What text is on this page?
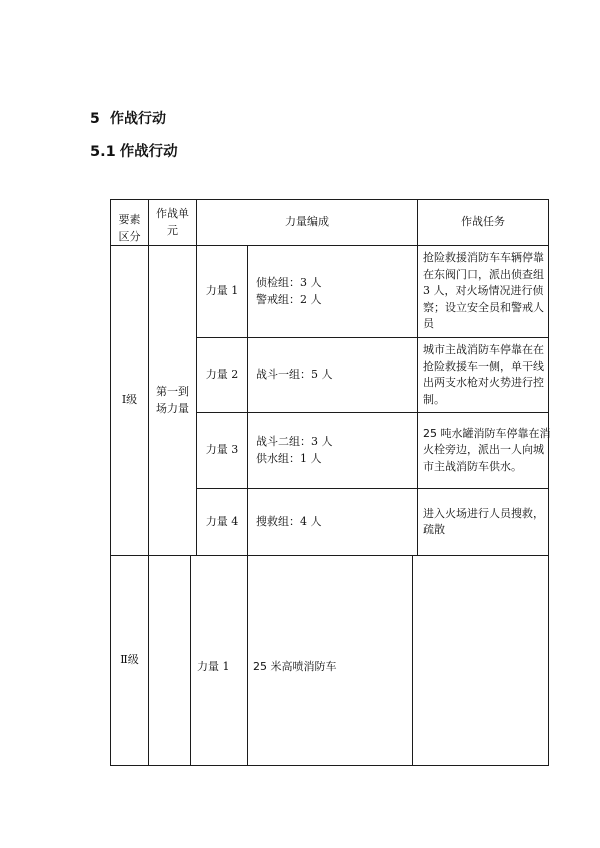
5 作战行动
5.1 作战行动
要素
区分
作战单
元
力量编成	作战任务
Ⅰ级
第一到
场力量
力量 1
侦检组：3 人
警戒组：2 人
抢险救援消防车车辆停靠
在东阀门口，派出侦查组
3 人，对火场情况进行侦
察；设立安全员和警戒人
员
力量 2 战斗一组：5 人
城市主战消防车停靠在在
抢险救援车一侧，单干线
出两支水枪对火势进行控
制。
力量 3
战斗二组：3 人
供水组：1 人
25 吨水罐消防车停靠在消
火栓旁边，派出一人向城
市主战消防车供水。
力量 4 搜救组：4 人
进入火场进行人员搜救，
疏散
Ⅱ级
力量 1 25 米高喷消防车
